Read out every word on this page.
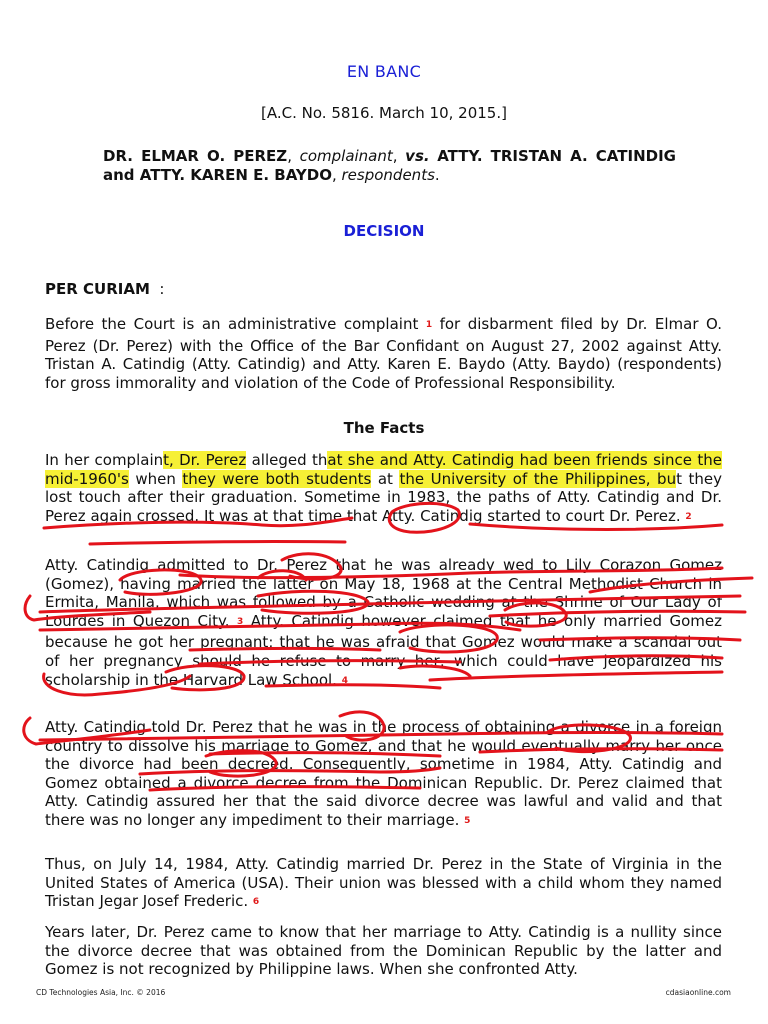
EN BANC
[A.C. No. 5816. March 10, 2015.]
DR. ELMAR O. PEREZ, complainant, vs. ATTY. TRISTAN A. CATINDIG and ATTY. KAREN E. BAYDO, respondents.
DECISION
PER CURIAM  :
Before the Court is an administrative complaint 1 for disbarment filed by Dr. Elmar O. Perez (Dr. Perez) with the Office of the Bar Confidant on August 27, 2002 against Atty. Tristan A. Catindig (Atty. Catindig) and Atty. Karen E. Baydo (Atty. Baydo) (respondents) for gross immorality and violation of the Code of Professional Responsibility.
The Facts
In her complaint, Dr. Perez alleged that she and Atty. Catindig had been friends since the mid-1960's when they were both students at the University of the Philippines, but they lost touch after their graduation. Sometime in 1983, the paths of Atty. Catindig and Dr. Perez again crossed. It was at that time that Atty. Catindig started to court Dr. Perez. 2
Atty. Catindig admitted to Dr. Perez that he was already wed to Lily Corazon Gomez (Gomez), having married the latter on May 18, 1968 at the Central Methodist Church in Ermita, Manila, which was followed by a Catholic wedding at the Shrine of Our Lady of Lourdes in Quezon City. 3 Atty. Catindig however claimed that he only married Gomez because he got her pregnant; that he was afraid that Gomez would make a scandal out of her pregnancy should he refuse to marry her, which could have jeopardized his scholarship in the Harvard Law School. 4
Atty. Catindig told Dr. Perez that he was in the process of obtaining a divorce in a foreign country to dissolve his marriage to Gomez, and that he would eventually marry her once the divorce had been decreed. Consequently, sometime in 1984, Atty. Catindig and Gomez obtained a divorce decree from the Dominican Republic. Dr. Perez claimed that Atty. Catindig assured her that the said divorce decree was lawful and valid and that there was no longer any impediment to their marriage. 5
Thus, on July 14, 1984, Atty. Catindig married Dr. Perez in the State of Virginia in the United States of America (USA). Their union was blessed with a child whom they named Tristan Jegar Josef Frederic. 6
Years later, Dr. Perez came to know that her marriage to Atty. Catindig is a nullity since the divorce decree that was obtained from the Dominican Republic by the latter and Gomez is not recognized by Philippine laws. When she confronted Atty.
CD Technologies Asia, Inc. © 2016	cdasiaonline.com
